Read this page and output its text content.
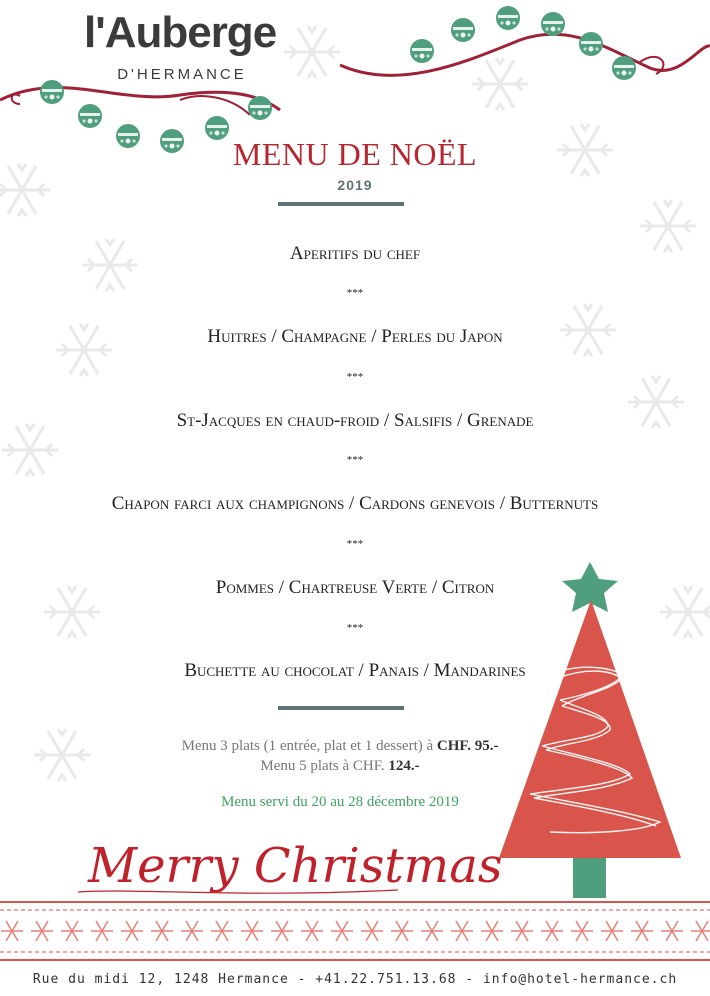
l'Auberge
D'HERMANCE
MENU DE NOËL
2019
Aperitifs du chef
***
Huitres / Champagne / Perles du Japon
***
St-Jacques en chaud-froid / Salsifis / Grenade
***
Chapon farci aux champignons / Cardons genevois / Butternuts
***
Pommes / Chartreuse Verte / Citron
***
Buchette au chocolat / Panais / Mandarines
Menu 3 plats (1 entrée, plat et 1 dessert) à CHF. 95.-
Menu 5 plats à CHF. 124.-
Menu servi du 20 au 28 décembre 2019
Merry Christmas
Rue du midi 12, 1248 Hermance - +41.22.751.13.68 - info@hotel-hermance.ch
